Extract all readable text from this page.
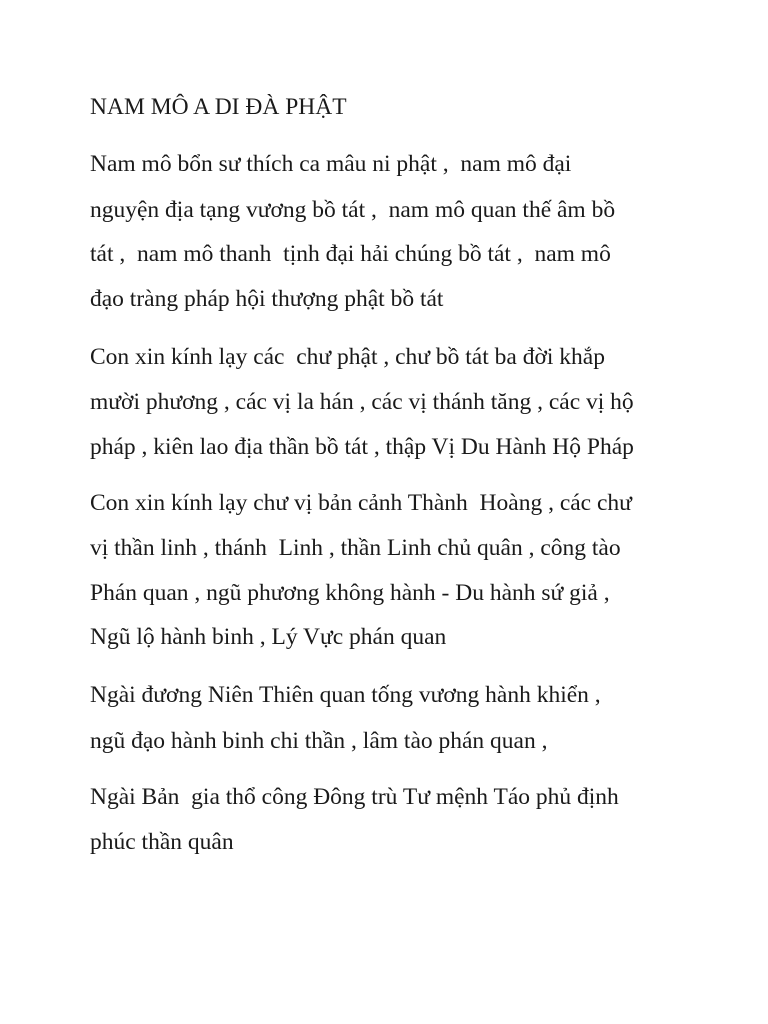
NAM MÔ A DI ĐÀ PHẬT
Nam mô bổn sư thích ca mâu ni phật ,  nam mô đại
nguyện địa tạng vương bồ tát ,  nam mô quan thế âm bồ
tát ,  nam mô thanh  tịnh đại hải chúng bồ tát ,  nam mô
đạo tràng pháp hội thượng phật bồ tát
Con xin kính lạy các  chư phật , chư bồ tát ba đời khắp
mười phương , các vị la hán , các vị thánh tăng , các vị hộ
pháp , kiên lao địa thần bồ tát , thập Vị Du Hành Hộ Pháp
Con xin kính lạy chư vị bản cảnh Thành  Hoàng , các chư
vị thần linh , thánh  Linh , thần Linh chủ quân , công tào
Phán quan , ngũ phương không hành - Du hành sứ giả ,
Ngũ lộ hành binh , Lý Vực phán quan
Ngài đương Niên Thiên quan tống vương hành khiển ,
ngũ đạo hành binh chi thần , lâm tào phán quan ,
Ngài Bản  gia thổ công Đông trù Tư mệnh Táo phủ định
phúc thần quân
